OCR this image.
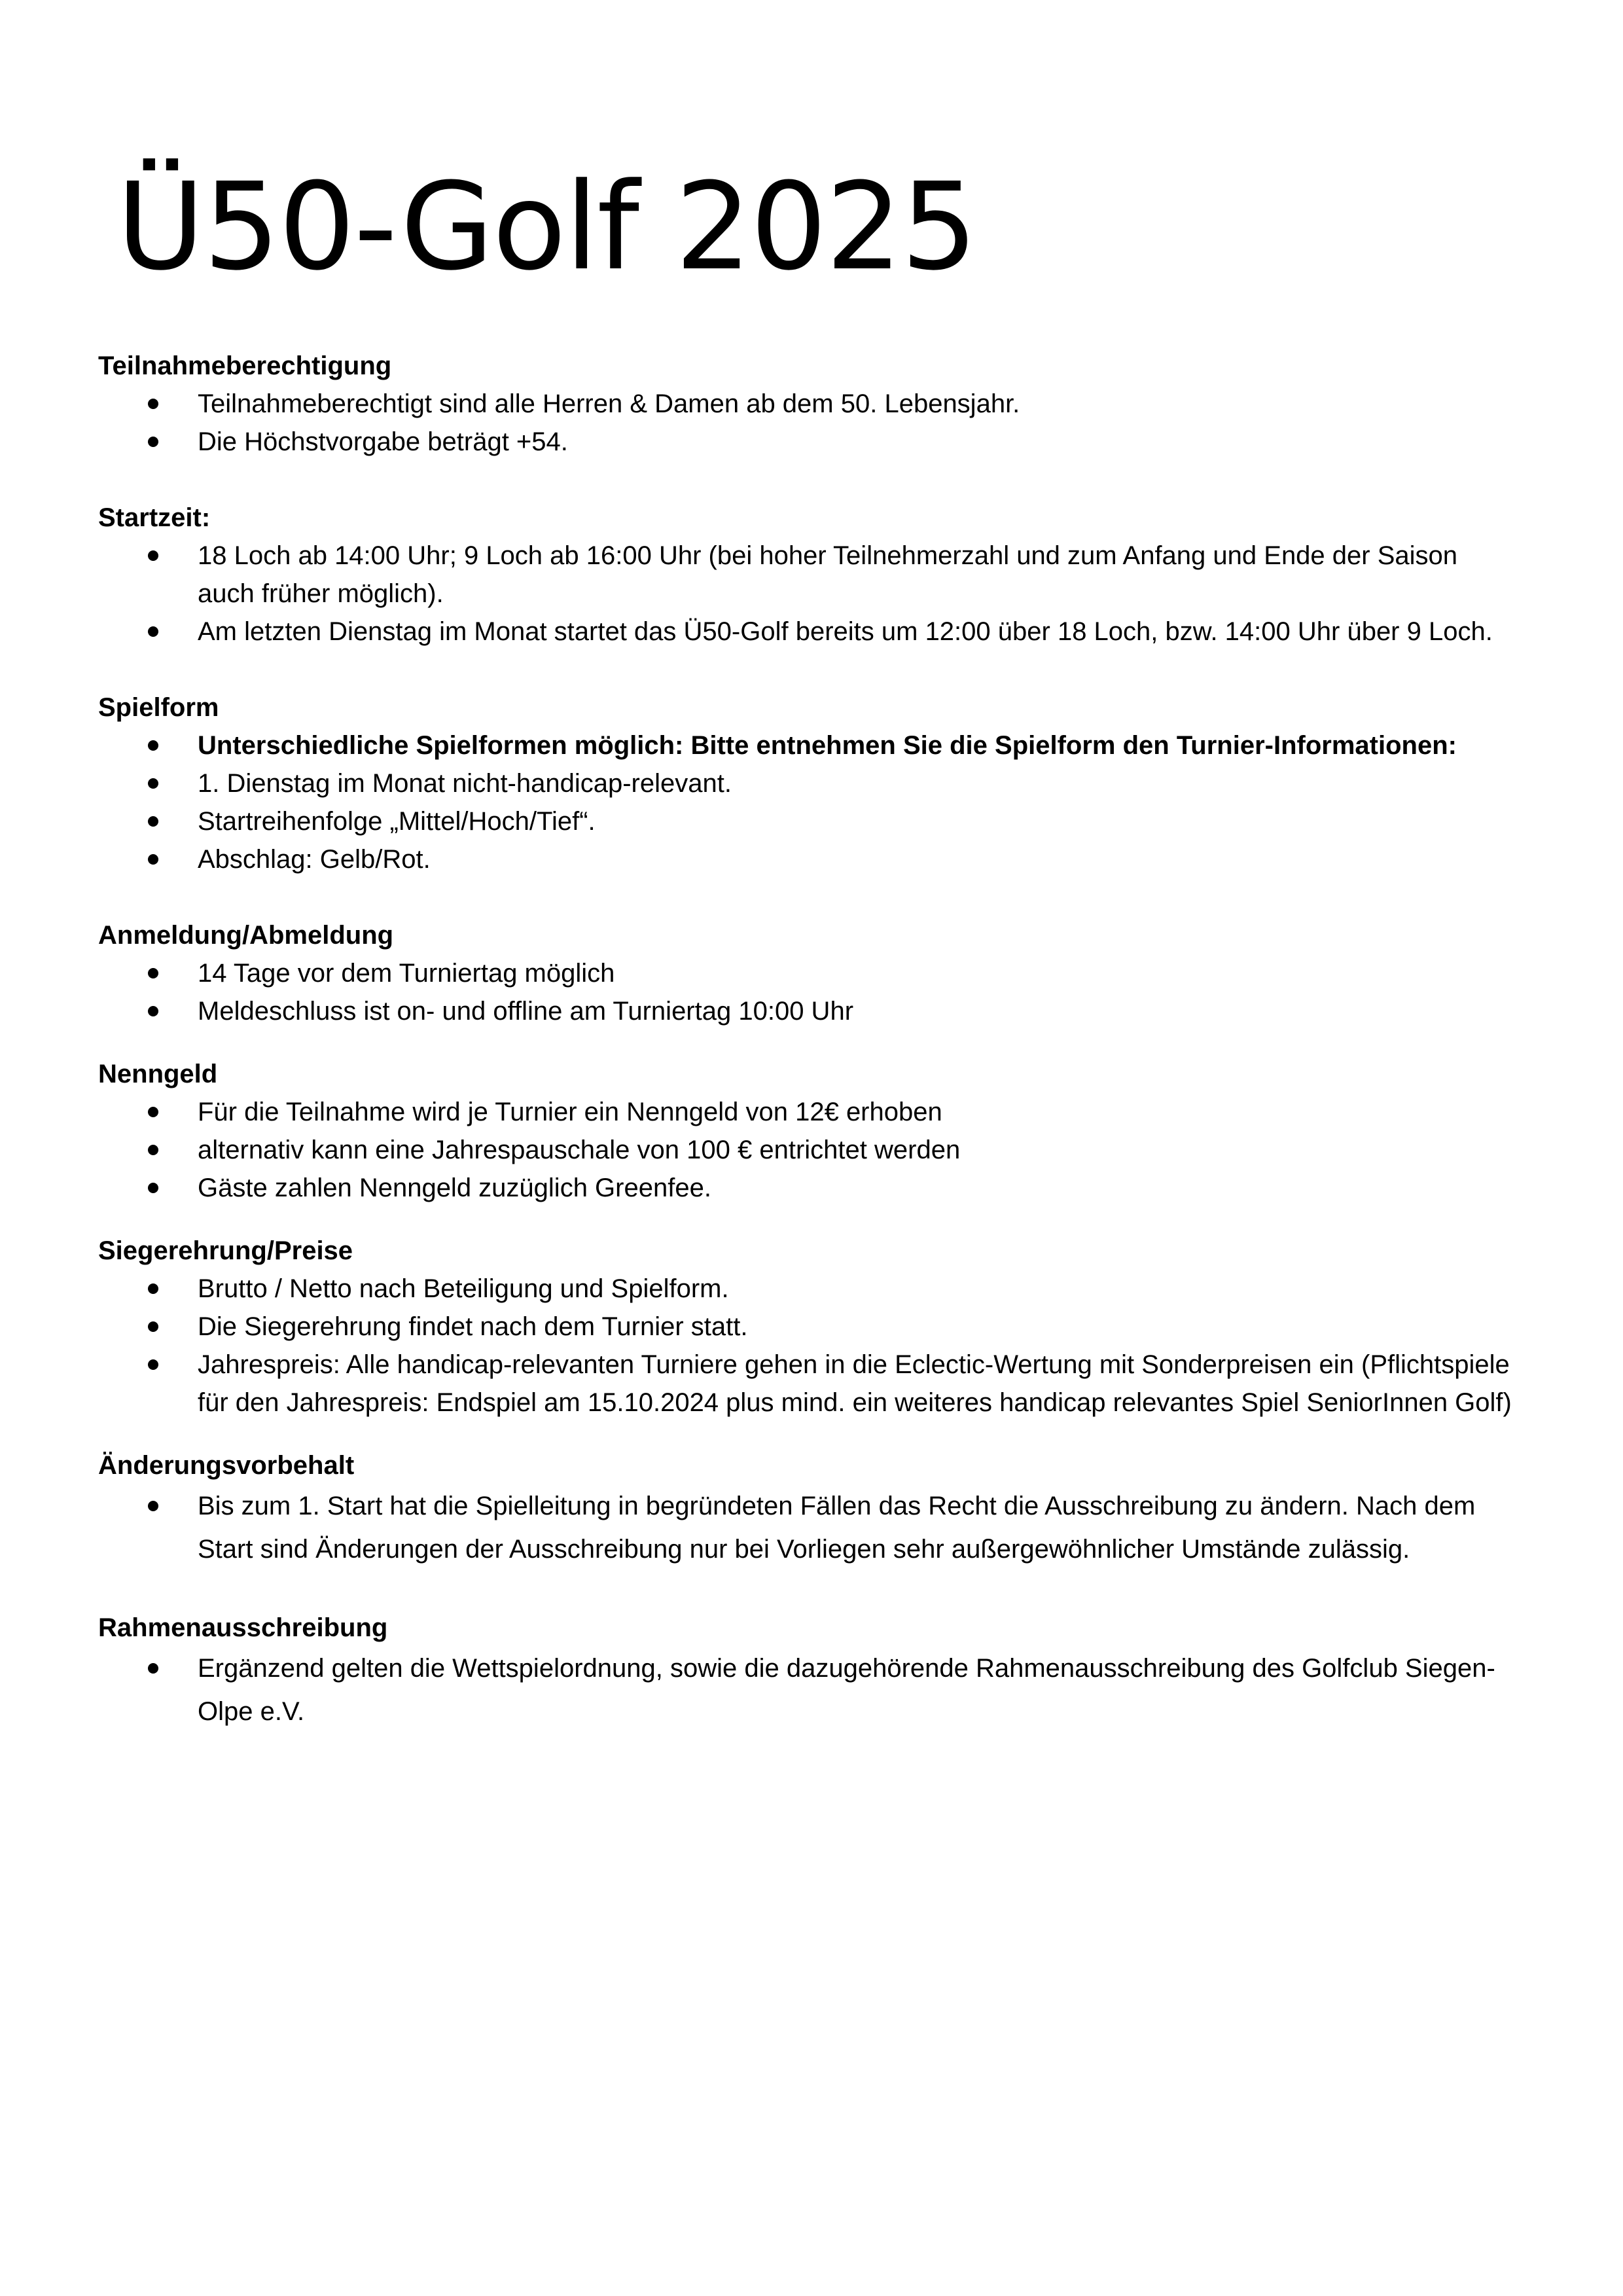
Ü50-Golf 2025
Teilnahmeberechtigung
Teilnahmeberechtigt sind alle Herren & Damen ab dem 50. Lebensjahr.
Die Höchstvorgabe beträgt +54.
Startzeit:
18 Loch ab 14:00 Uhr; 9 Loch ab 16:00 Uhr (bei hoher Teilnehmerzahl und zum Anfang und Ende der Saison auch früher möglich).
Am letzten Dienstag im Monat startet das Ü50-Golf bereits um 12:00 über 18 Loch, bzw. 14:00 Uhr über 9 Loch.
Spielform
Unterschiedliche Spielformen möglich: Bitte entnehmen Sie die Spielform den Turnier-Informationen:
1. Dienstag im Monat nicht-handicap-relevant.
Startreihenfolge „Mittel/Hoch/Tief“.
Abschlag: Gelb/Rot.
Anmeldung/Abmeldung
14 Tage vor dem Turniertag möglich
Meldeschluss ist on- und offline am Turniertag 10:00 Uhr
Nenngeld
Für die Teilnahme wird je Turnier ein Nenngeld von 12€ erhoben
alternativ kann eine Jahrespauschale von 100 € entrichtet werden
Gäste zahlen Nenngeld zuzüglich Greenfee.
Siegerehrung/Preise
Brutto / Netto nach Beteiligung und Spielform.
Die Siegerehrung findet nach dem Turnier statt.
Jahrespreis: Alle handicap-relevanten Turniere gehen in die Eclectic-Wertung mit Sonderpreisen ein (Pflichtspiele für den Jahrespreis: Endspiel am 15.10.2024 plus mind. ein weiteres handicap relevantes Spiel SeniorInnen Golf)
Änderungsvorbehalt
Bis zum 1. Start hat die Spielleitung in begründeten Fällen das Recht die Ausschreibung zu ändern. Nach dem Start sind Änderungen der Ausschreibung nur bei Vorliegen sehr außergewöhnlicher Umstände zulässig.
Rahmenausschreibung
Ergänzend gelten die Wettspielordnung, sowie die dazugehörende Rahmenausschreibung des Golfclub Siegen- Olpe e.V.
